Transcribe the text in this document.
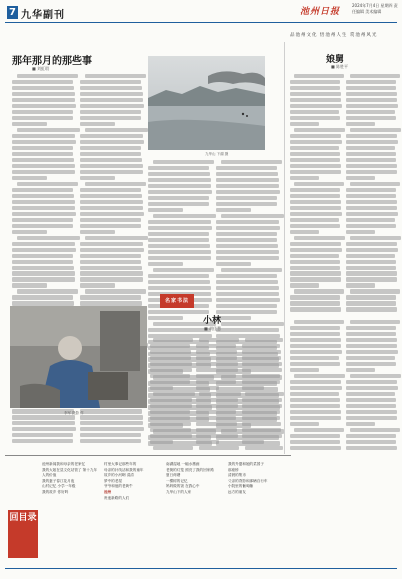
7 九华副刊	池州日报
2024年7月4日 星期四 责任编辑 美术编辑
品池州文化 悟池州人生 赏池州风光
那年那月的那些事
■ 刘虹瑕
九华山 下湖 摄
娘舅
■ 陈胜平
名家书法
李军 摄影 作
小林
■ 胡佳慧
回目录
池州新闻我和母亲的老家忆
我的大姐在县文化站管了 第十九年
人的价值
我的妻子春江花月夜
山村记忆 小学一年级
我的故乡 你好吗
村里大事记那些年的
母亲的针线活和我的童年
故乡的小河啊 清清
梦中的老屋
爷爷和他的老黄牛
池州
贵池新路的人们
南湖湿地 一幅水墨画
老街的灯笼 照亮了我的回家路
夏日荷塘
一棵树的记忆
妈妈做的饭 在我心中
九华山下的人家
我的外婆和她的菜园子
那座桥
清晨的集市
父亲的背影和那辆自行车
小院里的葡萄藤
远方的朋友
